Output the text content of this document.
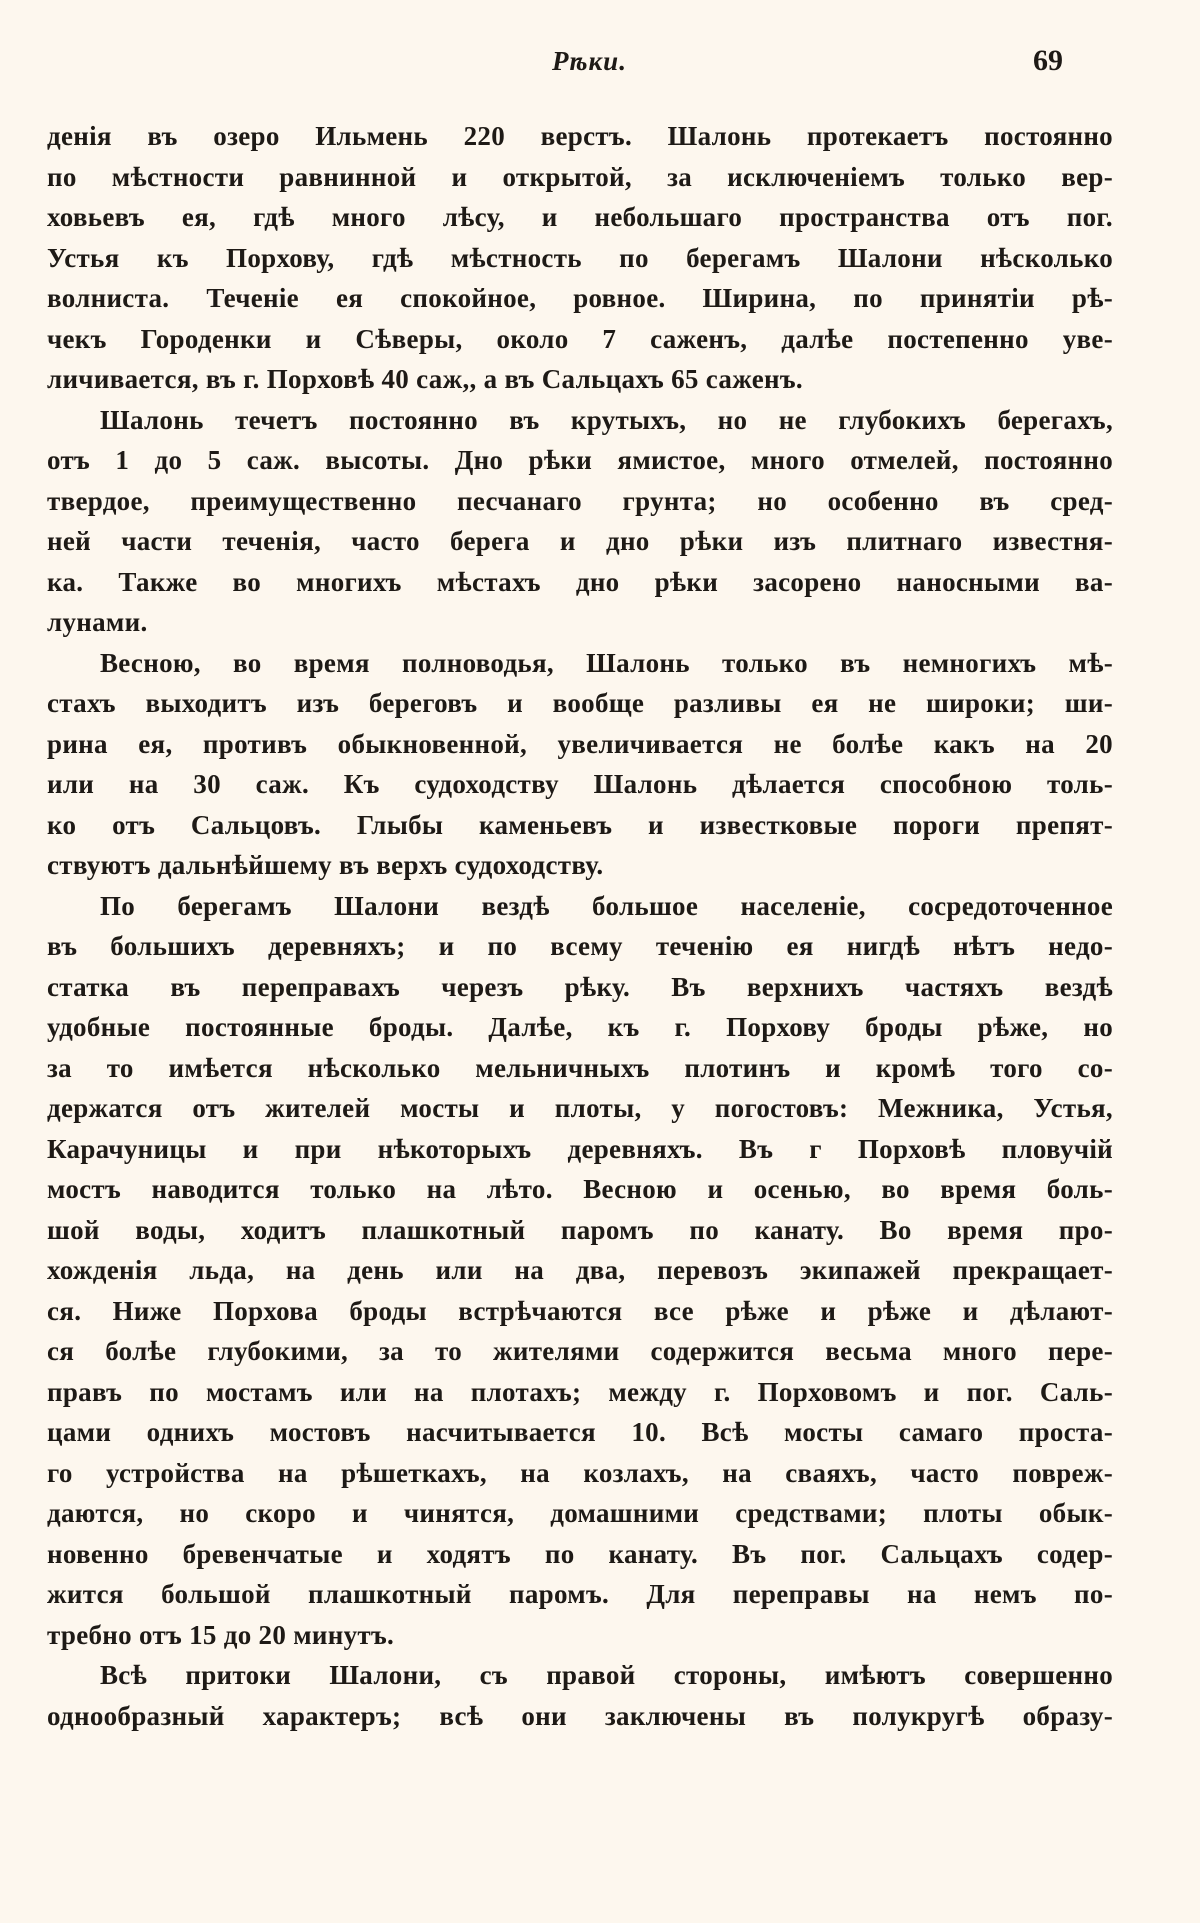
Рѣки.	69
денія въ озеро Ильмень 220 верстъ. Шалонь протекаетъ постоянно
по мѣстности равнинной и открытой, за исключеніемъ только вер-
ховьевъ ея, гдѣ много лѣсу, и небольшаго пространства отъ пог.
Устья къ Порхову, гдѣ мѣстность по берегамъ Шалони нѣсколько
волниста. Теченіе ея спокойное, ровное. Ширина, по принятіи рѣ-
чекъ Городенки и Сѣверы, около 7 саженъ, далѣе постепенно уве-
личивается, въ г. Порховѣ 40 саж,, а въ Сальцахъ 65 саженъ.
Шалонь течетъ постоянно въ крутыхъ, но не глубокихъ берегахъ,
отъ 1 до 5 саж. высоты. Дно рѣки ямистое, много отмелей, постоянно
твердое, преимущественно песчанаго грунта; но особенно въ сред-
ней части теченія, часто берега и дно рѣки изъ плитнаго известня-
ка. Также во многихъ мѣстахъ дно рѣки засорено наносными ва-
лунами.
Весною, во время полноводья, Шалонь только въ немногихъ мѣ-
стахъ выходитъ изъ береговъ и вообще разливы ея не широки; ши-
рина ея, противъ обыкновенной, увеличивается не болѣе какъ на 20
или на 30 саж. Къ судоходству Шалонь дѣлается способною толь-
ко отъ Сальцовъ. Глыбы каменьевъ и известковые пороги препят-
ствуютъ дальнѣйшему въ верхъ судоходству.
По берегамъ Шалони вездѣ большое населеніе, сосредоточенное
въ большихъ деревняхъ; и по всему теченію ея нигдѣ нѣтъ недо-
статка въ переправахъ черезъ рѣку. Въ верхнихъ частяхъ вездѣ
удобные постоянные броды. Далѣе, къ г. Порхову броды рѣже, но
за то имѣется нѣсколько мельничныхъ плотинъ и кромѣ того со-
держатся отъ жителей мосты и плоты, у погостовъ: Межника, Устья,
Карачуницы и при нѣкоторыхъ деревняхъ. Въ г Порховѣ пловучій
мостъ наводится только на лѣто. Весною и осенью, во время боль-
шой воды, ходитъ плашкотный паромъ по канату. Во время про-
хожденія льда, на день или на два, перевозъ экипажей прекращает-
ся. Ниже Порхова броды встрѣчаются все рѣже и рѣже и дѣлают-
ся болѣе глубокими, за то жителями содержится весьма много пере-
правъ по мостамъ или на плотахъ; между г. Порховомъ и пог. Саль-
цами однихъ мостовъ насчитывается 10. Всѣ мосты самаго проста-
го устройства на рѣшеткахъ, на козлахъ, на сваяхъ, часто повреж-
даются, но скоро и чинятся, домашними средствами; плоты обык-
новенно бревенчатые и ходятъ по канату. Въ пог. Сальцахъ содер-
жится большой плашкотный паромъ. Для переправы на немъ по-
требно отъ 15 до 20 минутъ.
Всѣ притоки Шалони, съ правой стороны, имѣютъ совершенно
однообразный характеръ; всѣ они заключены въ полукругѣ образу-
